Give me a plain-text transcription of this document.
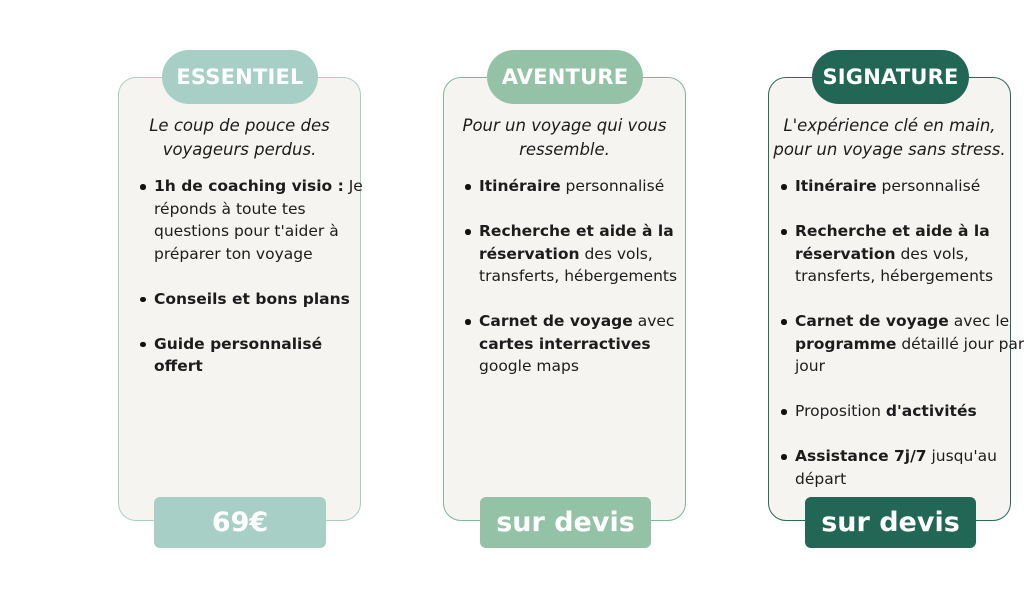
ESSENTIEL
Le coup de pouce des
voyageurs perdus.
1h de coaching visio : Je réponds à toute tes questions pour t'aider à préparer ton voyage
Conseils et bons plans
Guide personnalisé offert
69€
AVENTURE
Pour un voyage qui vous
ressemble.
Itinéraire personnalisé
Recherche et aide à la réservation des vols, transferts, hébergements
Carnet de voyage avec cartes interractives google maps
sur devis
SIGNATURE
L'expérience clé en main,
pour un voyage sans stress.
Itinéraire personnalisé
Recherche et aide à la réservation des vols, transferts, hébergements
Carnet de voyage avec le programme détaillé jour par jour
Proposition d'activités
Assistance 7j/7 jusqu'au départ
sur devis
